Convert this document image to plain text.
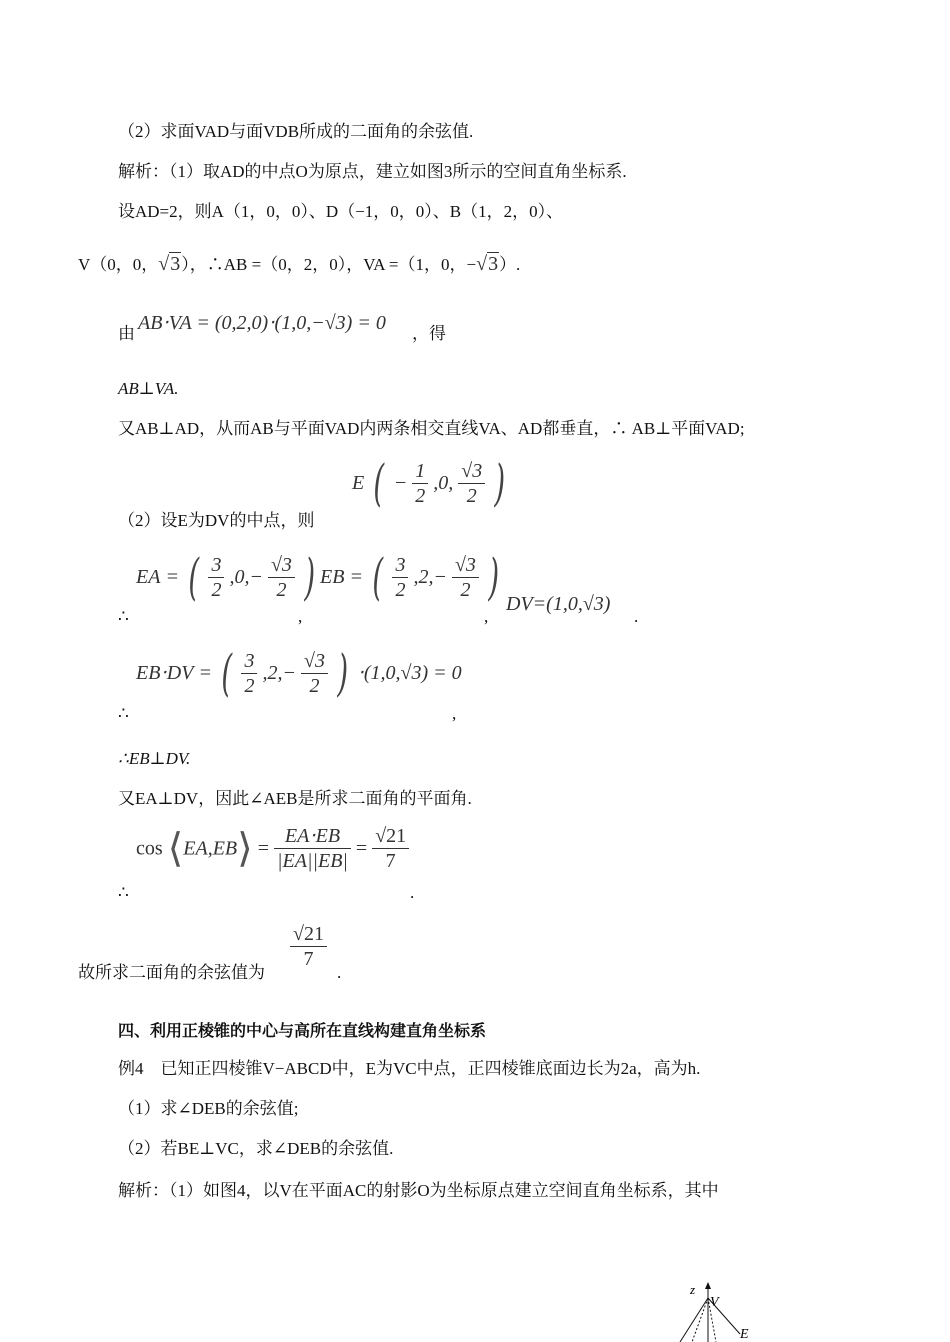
（2）求面VAD与面VDB所成的二面角的余弦值.
解析：（1）取AD的中点O为原点，建立如图3所示的空间直角坐标系.
设AD=2，则A（1，0，0）、D（−1，0，0）、B（1，2，0）、
V（0，0，√3），∴AB =（0，2，0），VA =（1，0，−√3）.
由 AB⋅VA = (0,2,0)⋅(1,0,−√3) = 0 ，得
AB⊥VA.
又AB⊥AD，从而AB与平面VAD内两条相交直线VA、AD都垂直，∴ AB⊥平面VAD;
（2）设E为DV的中点，则
E ( − $\frac{1}{2} ,0$, $\frac{√3}{2}$ )
∴
EA = ( $\frac{3}{2} ,0,- \frac{√3}{2}$ )
,
EB = ( $\frac{3}{2} ,2,- \frac{√3}{2}$ )
,
DV=(1,0,√3)
.
∴
EB⋅DV = ( $\frac{3}{2} ,2,- \frac{√3}{2}$ ) ⋅(1,0,√3) = 0
,
∴EB⊥DV.
又EA⊥DV，因此∠AEB是所求二面角的平面角.
∴
cos ⟨EA,EB⟩ = $\frac{EA\cdot EB}{|EA||EB|} = \frac{√21}{7}$
.
故所求二面角的余弦值为
$\frac{√21}{7}$
.
四、利用正棱锥的中心与高所在直线构建直角坐标系
例4　已知正四棱锥V−ABCD中，E为VC中点，正四棱锥底面边长为2a，高为h.
（1）求∠DEB的余弦值;
（2）若BE⊥VC，求∠DEB的余弦值.
解析：（1）如图4，以V在平面AC的射影O为坐标原点建立空间直角坐标系，其中
z
V
E
